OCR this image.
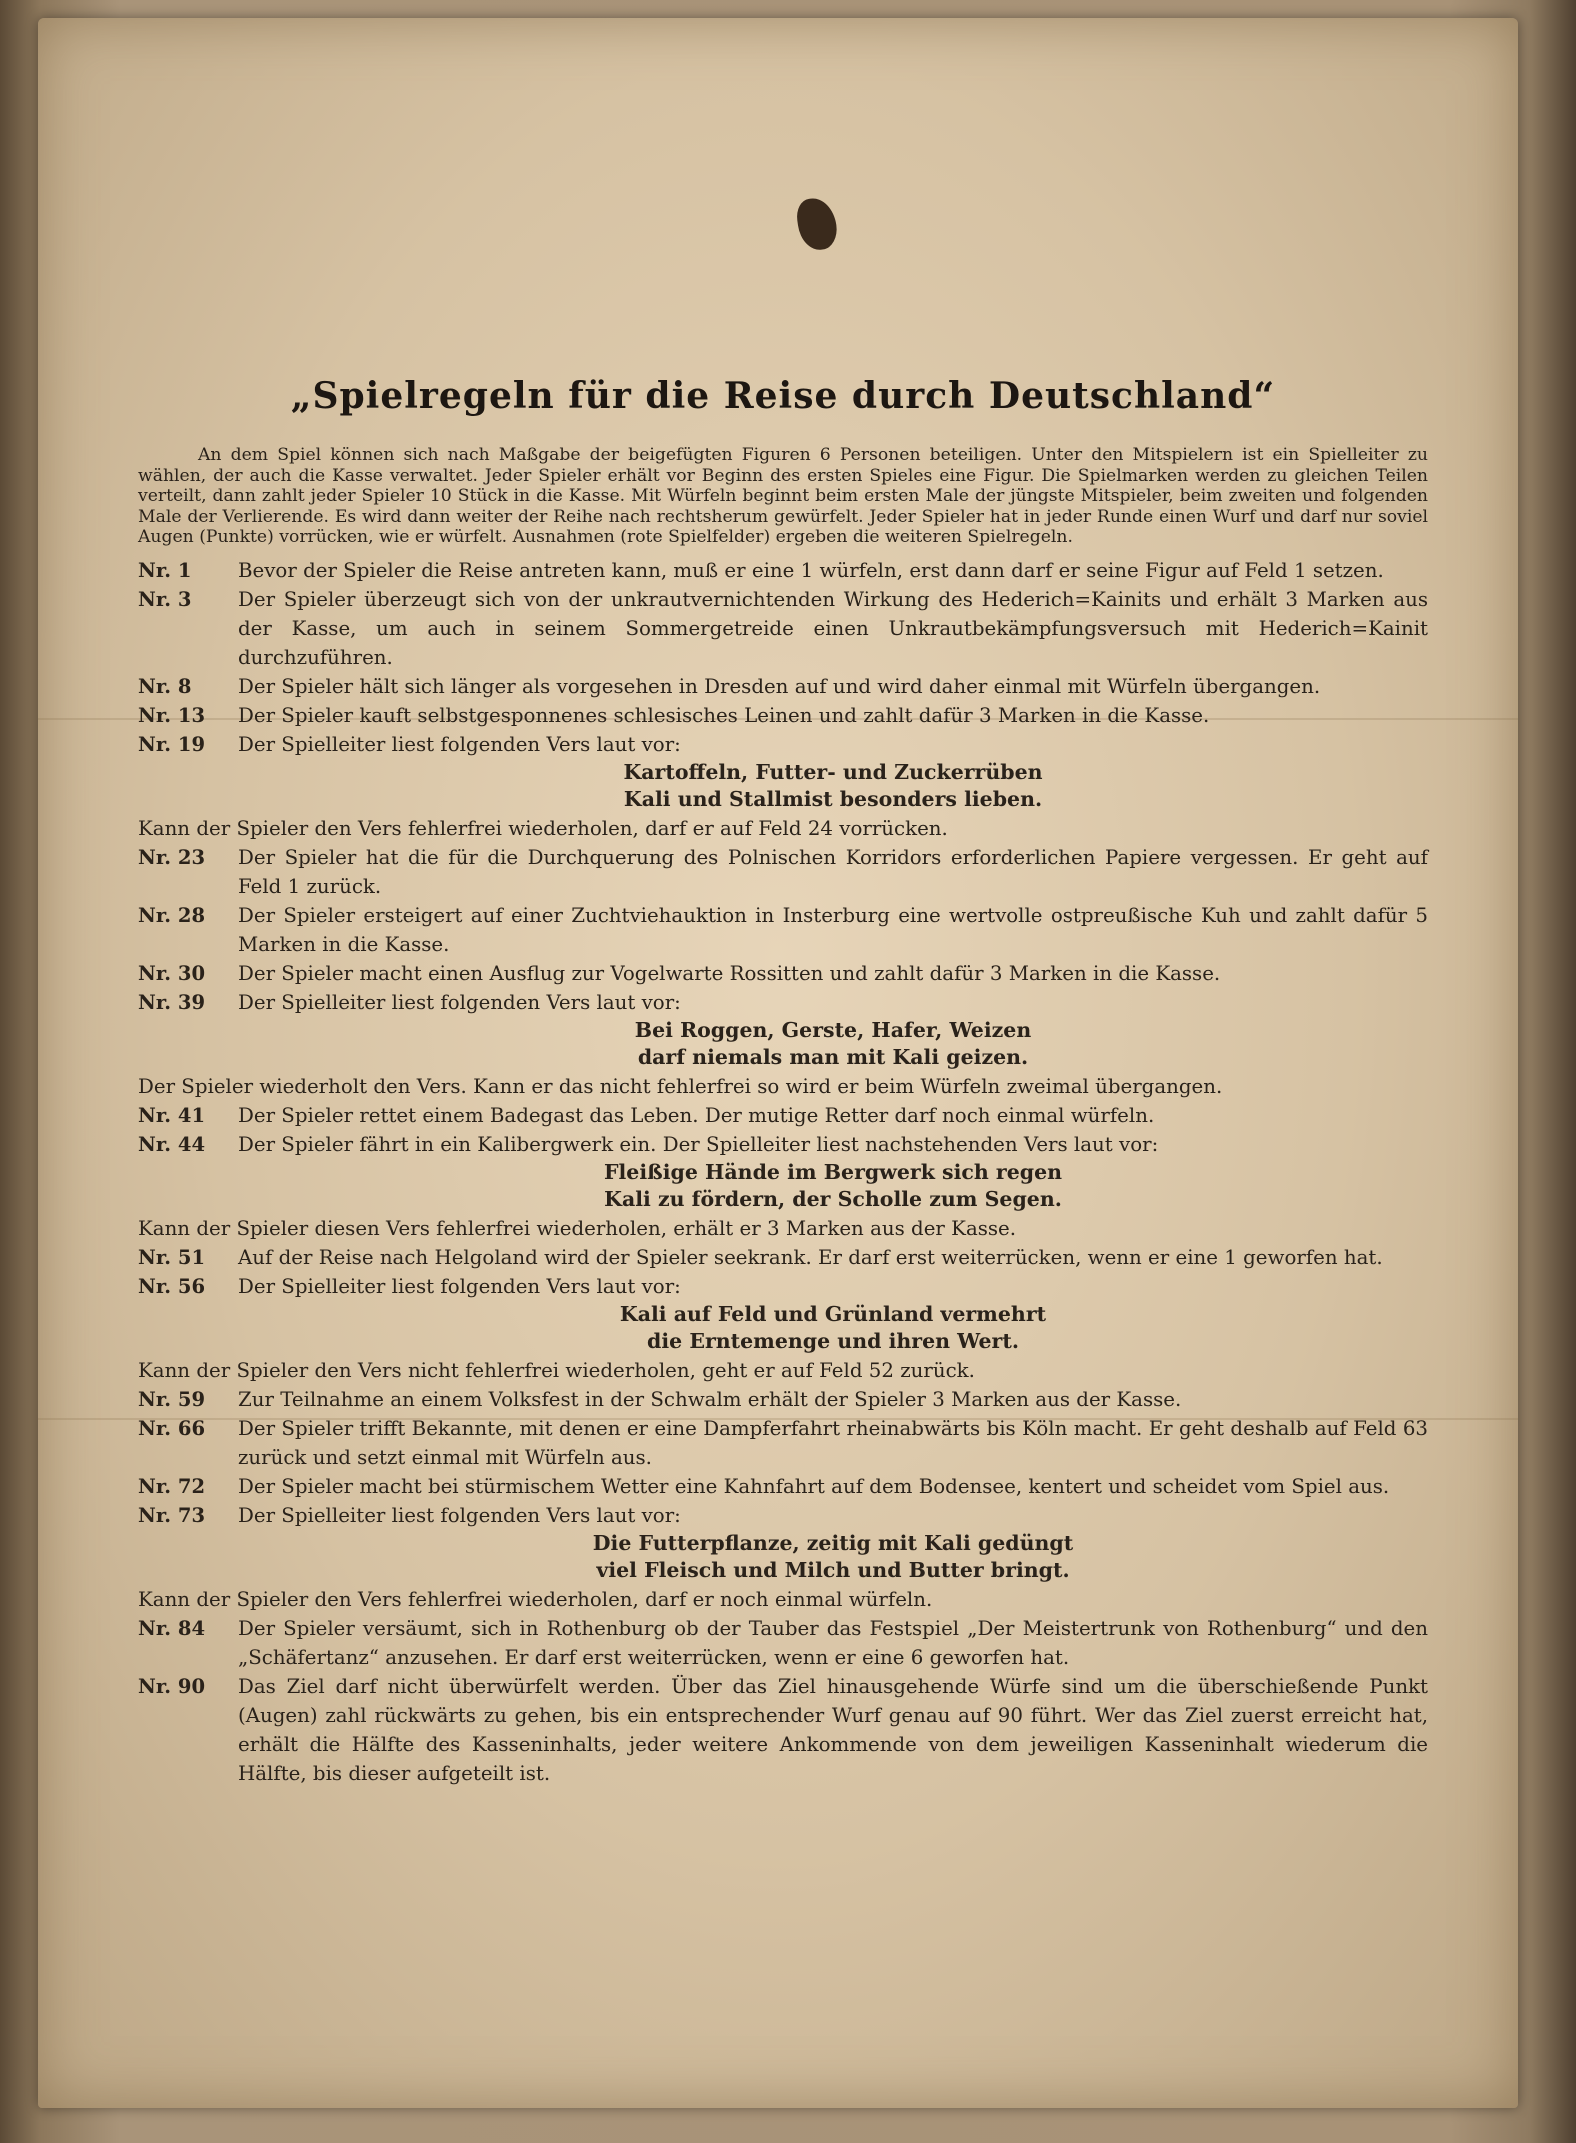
„Spielregeln für die Reise durch Deutschland“
An dem Spiel können sich nach Maßgabe der beigefügten Figuren 6 Personen beteiligen. Unter den Mitspielern ist ein Spielleiter zu wählen, der auch die Kasse verwaltet. Jeder Spieler erhält vor Beginn des ersten Spieles eine Figur. Die Spielmarken werden zu gleichen Teilen verteilt, dann zahlt jeder Spieler 10 Stück in die Kasse. Mit Würfeln beginnt beim ersten Male der jüngste Mitspieler, beim zweiten und folgenden Male der Verlierende. Es wird dann weiter der Reihe nach rechtsherum gewürfelt. Jeder Spieler hat in jeder Runde einen Wurf und darf nur soviel Augen (Punkte) vorrücken, wie er würfelt. Ausnahmen (rote Spielfelder) ergeben die weiteren Spielregeln.
Nr. 1	Bevor der Spieler die Reise antreten kann, muß er eine 1 würfeln, erst dann darf er seine Figur auf Feld 1 setzen.
Nr. 3	Der Spieler überzeugt sich von der unkrautvernichtenden Wirkung des Hederich=Kainits und erhält 3 Marken aus der Kasse, um auch in seinem Sommergetreide einen Unkrautbekämpfungsversuch mit Hederich=Kainit durchzuführen.
Nr. 8	Der Spieler hält sich länger als vorgesehen in Dresden auf und wird daher einmal mit Würfeln übergangen.
Nr. 13	Der Spieler kauft selbstgesponnenes schlesisches Leinen und zahlt dafür 3 Marken in die Kasse.
Nr. 19	Der Spielleiter liest folgenden Vers laut vor:
Kartoffeln, Futter- und Zuckerrüben
Kali und Stallmist besonders lieben.
Kann der Spieler den Vers fehlerfrei wiederholen, darf er auf Feld 24 vorrücken.
Nr. 23	Der Spieler hat die für die Durchquerung des Polnischen Korridors erforderlichen Papiere vergessen. Er geht auf Feld 1 zurück.
Nr. 28	Der Spieler ersteigert auf einer Zuchtviehauktion in Insterburg eine wertvolle ostpreußische Kuh und zahlt dafür 5 Marken in die Kasse.
Nr. 30	Der Spieler macht einen Ausflug zur Vogelwarte Rossitten und zahlt dafür 3 Marken in die Kasse.
Nr. 39	Der Spielleiter liest folgenden Vers laut vor:
Bei Roggen, Gerste, Hafer, Weizen
darf niemals man mit Kali geizen.
Der Spieler wiederholt den Vers. Kann er das nicht fehlerfrei so wird er beim Würfeln zweimal übergangen.
Nr. 41	Der Spieler rettet einem Badegast das Leben. Der mutige Retter darf noch einmal würfeln.
Nr. 44	Der Spieler fährt in ein Kalibergwerk ein. Der Spielleiter liest nachstehenden Vers laut vor:
Fleißige Hände im Bergwerk sich regen
Kali zu fördern, der Scholle zum Segen.
Kann der Spieler diesen Vers fehlerfrei wiederholen, erhält er 3 Marken aus der Kasse.
Nr. 51	Auf der Reise nach Helgoland wird der Spieler seekrank. Er darf erst weiterrücken, wenn er eine 1 geworfen hat.
Nr. 56	Der Spielleiter liest folgenden Vers laut vor:
Kali auf Feld und Grünland vermehrt
die Erntemenge und ihren Wert.
Kann der Spieler den Vers nicht fehlerfrei wiederholen, geht er auf Feld 52 zurück.
Nr. 59	Zur Teilnahme an einem Volksfest in der Schwalm erhält der Spieler 3 Marken aus der Kasse.
Nr. 66	Der Spieler trifft Bekannte, mit denen er eine Dampferfahrt rheinabwärts bis Köln macht. Er geht deshalb auf Feld 63 zurück und setzt einmal mit Würfeln aus.
Nr. 72	Der Spieler macht bei stürmischem Wetter eine Kahnfahrt auf dem Bodensee, kentert und scheidet vom Spiel aus.
Nr. 73	Der Spielleiter liest folgenden Vers laut vor:
Die Futterpflanze, zeitig mit Kali gedüngt
viel Fleisch und Milch und Butter bringt.
Kann der Spieler den Vers fehlerfrei wiederholen, darf er noch einmal würfeln.
Nr. 84	Der Spieler versäumt, sich in Rothenburg ob der Tauber das Festspiel „Der Meistertrunk von Rothenburg“ und den „Schäfertanz“ anzusehen. Er darf erst weiterrücken, wenn er eine 6 geworfen hat.
Nr. 90	Das Ziel darf nicht überwürfelt werden. Über das Ziel hinausgehende Würfe sind um die überschießende Punkt (Augen) zahl rückwärts zu gehen, bis ein entsprechender Wurf genau auf 90 führt. Wer das Ziel zuerst erreicht hat, erhält die Hälfte des Kasseninhalts, jeder weitere Ankommende von dem jeweiligen Kasseninhalt wiederum die Hälfte, bis dieser aufgeteilt ist.
